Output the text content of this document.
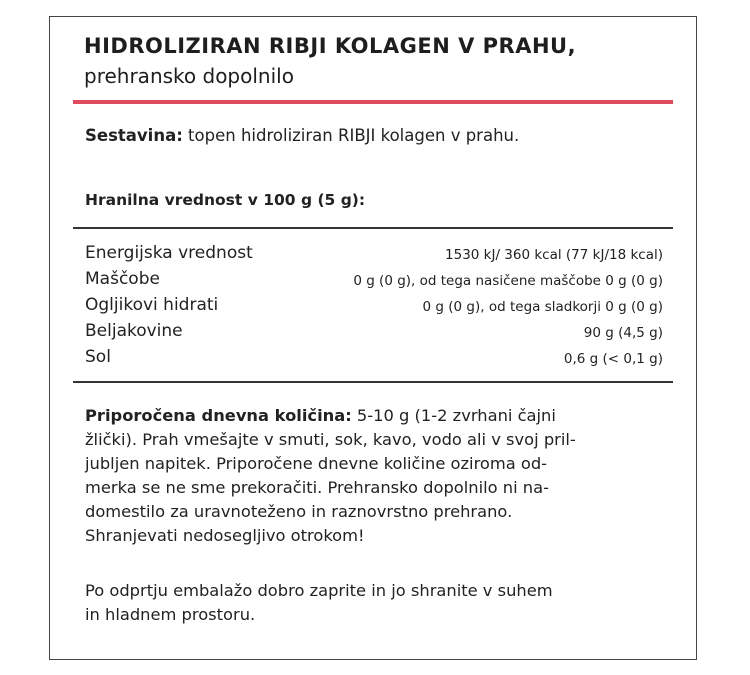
HIDROLIZIRAN RIBJI KOLAGEN V PRAHU,
prehransko dopolnilo
Sestavina: topen hidroliziran RIBJI kolagen v prahu.
Hranilna vrednost v 100 g (5 g):
Energijska vrednost	1530 kJ/ 360 kcal (77 kJ/18 kcal)
Maščobe	0 g (0 g), od tega nasičene maščobe 0 g (0 g)
Ogljikovi hidrati	0 g (0 g), od tega sladkorji 0 g (0 g)
Beljakovine	90 g (4,5 g)
Sol	0,6 g (< 0,1 g)
Priporočena dnevna količina: 5-10 g (1-2 zvrhani čajni
žlički). Prah vmešajte v smuti, sok, kavo, vodo ali v svoj pril-
jubljen napitek. Priporočene dnevne količine oziroma od-
merka se ne sme prekoračiti. Prehransko dopolnilo ni na-
domestilo za uravnoteženo in raznovrstno prehrano.
Shranjevati nedosegljivo otrokom!
Po odprtju embalažo dobro zaprite in jo shranite v suhem
in hladnem prostoru.
